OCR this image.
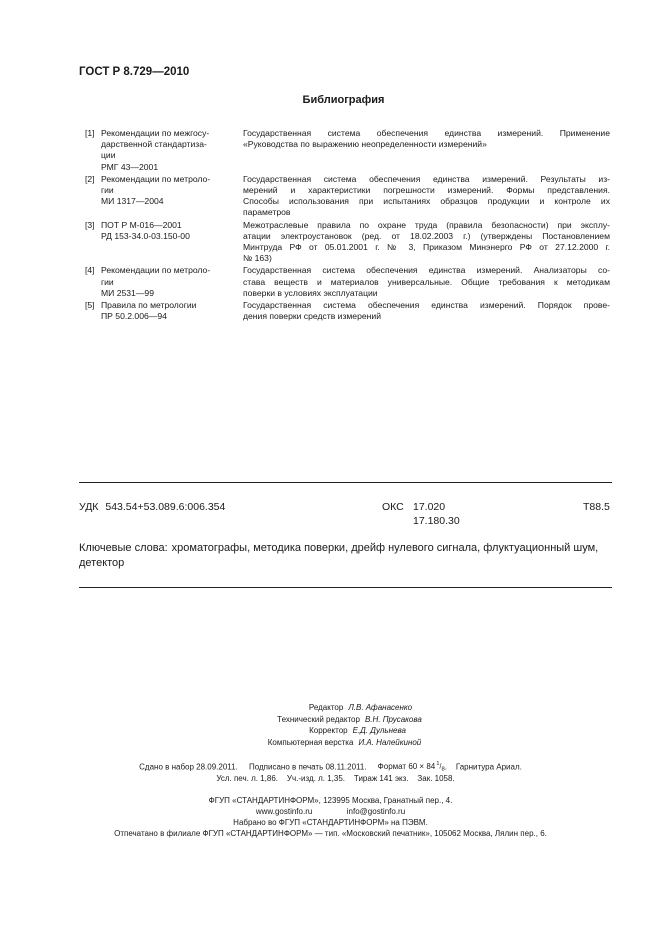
ГОСТ Р 8.729—2010
Библиография
[1] Рекомендации по межгосу-
дарственной стандартиза-
ции
РМГ 43—2001
Государственная система обеспечения единства измерений. Применение
«Руководства по выражению неопределенности измерений»
[2] Рекомендации по метроло-
гии
МИ 1317—2004
Государственная система обеспечения единства измерений. Результаты из-
мерений и характеристики погрешности измерений. Формы представления.
Способы использования при испытаниях образцов продукции и контроле их
параметров
[3] ПОТ Р М-016—2001
РД 153-34.0-03.150-00
Межотраслевые правила по охране труда (правила безопасности) при эксплу-
атации электроустановок (ред. от 18.02.2003 г.) (утверждены Постановлением
Минтруда РФ от 05.01.2001 г. № 3, Приказом Минэнерго РФ от 27.12.2000 г.
№ 163)
[4] Рекомендации по метроло-
гии
МИ 2531—99
Государственная система обеспечения единства измерений. Анализаторы со-
става веществ и материалов универсальные. Общие требования к методикам
поверки в условиях эксплуатации
[5] Правила по метрологии
ПР 50.2.006—94
Государственная система обеспечения единства измерений. Порядок прове-
дения поверки средств измерений
УДК 543.54+53.089.6:006.354	ОКС 17.020
17.180.30
Т88.5
Ключевые слова: хроматографы, методика поверки, дрейф нулевого сигнала, флуктуационный шум,
детектор
Редактор Л.В. Афанасенко
Технический редактор В.Н. Прусакова
Корректор Е.Д. Дульнева
Компьютерная верстка И.А. Налейкиной
Сдано в набор 28.09.2011. Подписано в печать 08.11.2011. Формат $60 \times 84^1/_8$.    Гарнитура Ариал.
Усл. печ. л. 1,86. Уч.-изд. л. 1,35. Тираж 141 экз. Зак. 1058.
ФГУП «СТАНДАРТИНФОРМ», 123995 Москва, Гранатный пер., 4.
www.gostinfo.ru	info@gostinfo.ru
Набрано во ФГУП «СТАНДАРТИНФОРМ» на ПЭВМ.
Отпечатано в филиале ФГУП «СТАНДАРТИНФОРМ» — тип. «Московский печатник», 105062 Москва, Лялин пер., 6.
